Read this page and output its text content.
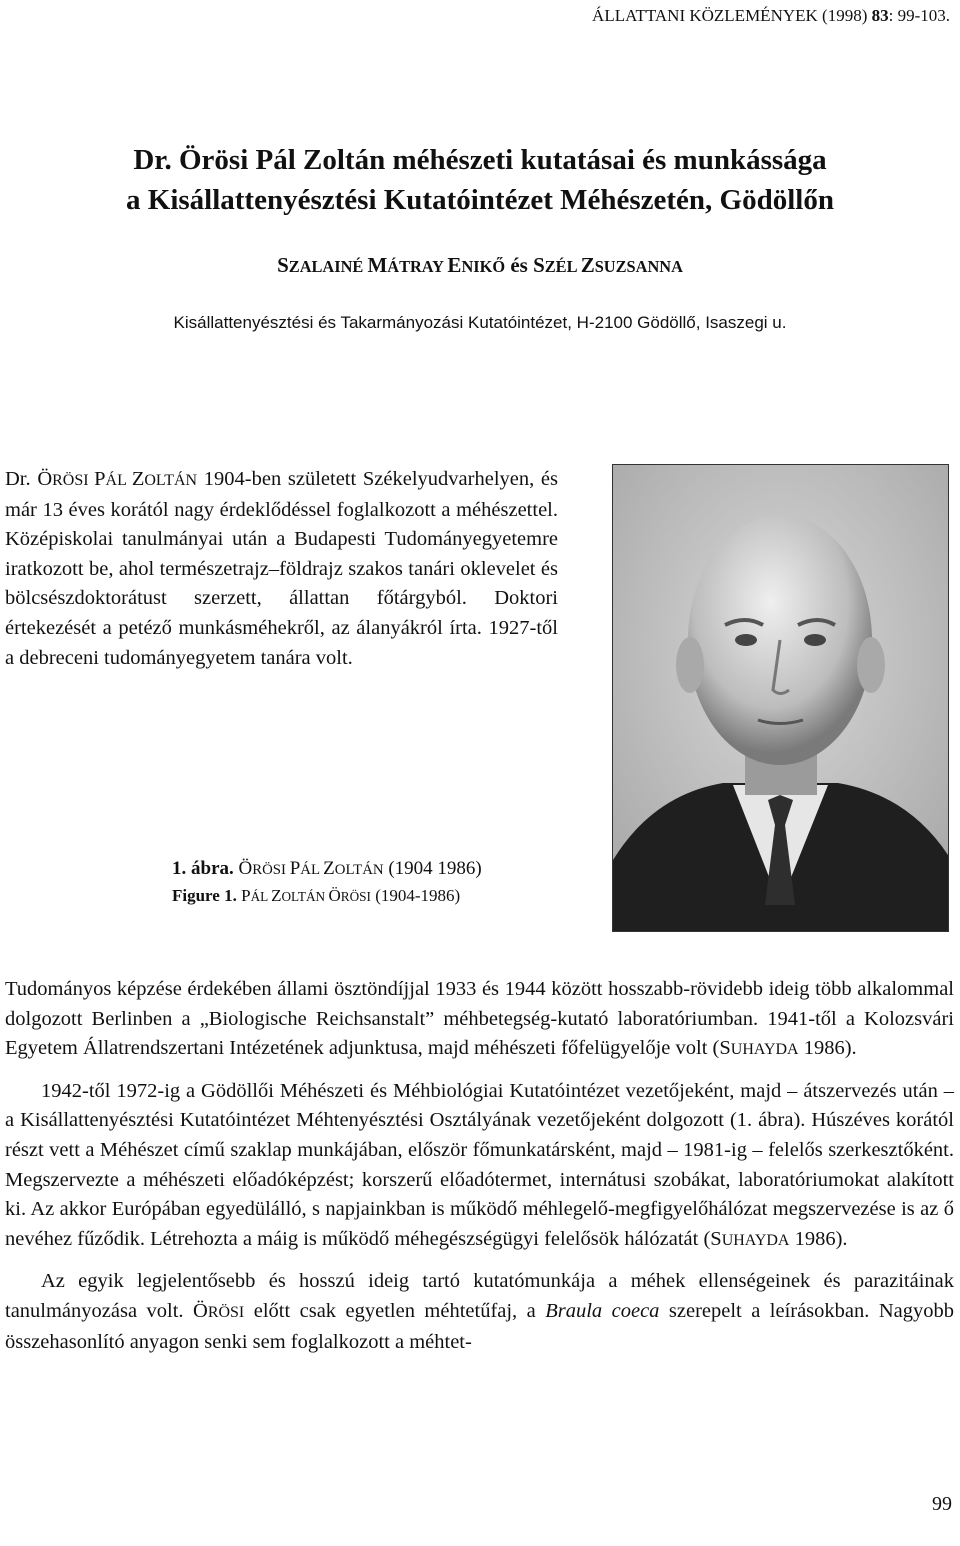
ÁLLATTANI KÖZLEMÉNYEK (1998) 83: 99-103.
Dr. Örösi Pál Zoltán méhészeti kutatásai és munkássága
a Kisállattenyésztési Kutatóintézet Méhészetén, Gödöllőn
SZALAINÉ MÁTRAY ENIKŐ és SZÉL ZSUZSANNA
Kisállattenyésztési és Takarmányozási Kutatóintézet, H-2100 Gödöllő, Isaszegi u.
Dr. ÖRÖSI PÁL ZOLTÁN 1904-ben született Székelyudvarhelyen, és már 13 éves korától nagy érdeklődéssel foglalkozott a méhészettel. Középiskolai tanulmányai után a Budapesti Tudományegyetemre iratkozott be, ahol természetrajz–földrajz szakos tanári oklevelet és bölcsészdoktorátust szerzett, állattan főtárgyból. Doktori értekezését a petéző munkásméhekről, az álanyákról írta. 1927-től a debreceni tudományegyetem tanára volt.
1. ábra. ÖRÖSI PÁL ZOLTÁN (1904 1986)
Figure 1. PÁL ZOLTÁN ÖRÖSI (1904-1986)

Tudományos képzése érdekében állami ösztöndíjjal 1933 és 1944 között hosszabb-rövidebb ideig több alkalommal dolgozott Berlinben a „Biologische Reichsanstalt” méhbetegség-kutató laboratóriumban. 1941-től a Kolozsvári Egyetem Állatrendszertani Intézetének adjunktusa, majd méhészeti főfelügyelője volt (SUHAYDA 1986).

1942-től 1972-ig a Gödöllői Méhészeti és Méhbiológiai Kutatóintézet vezetőjeként, majd – átszervezés után – a Kisállattenyésztési Kutatóintézet Méhtenyésztési Osztályának vezetőjeként dolgozott (1. ábra). Húszéves korától részt vett a Méhészet című szaklap munkájában, először főmunkatársként, majd – 1981-ig – felelős szerkesztőként. Megszervezte a méhészeti előadóképzést; korszerű előadótermet, internátusi szobákat, laboratóriumokat alakított ki. Az akkor Európában egyedülálló, s napjainkban is működő méhlegelő-megfigyelőhálózat megszervezése is az ő nevéhez fűződik. Létrehozta a máig is működő méhegészségügyi felelősök hálózatát (SUHAYDA 1986).

Az egyik legjelentősebb és hosszú ideig tartó kutatómunkája a méhek ellenségeinek és parazitáinak tanulmányozása volt. ÖRÖSI előtt csak egyetlen méhtetűfaj, a Braula coeca szerepelt a leírásokban. Nagyobb összehasonlító anyagon senki sem foglalkozott a méhtet-

99
